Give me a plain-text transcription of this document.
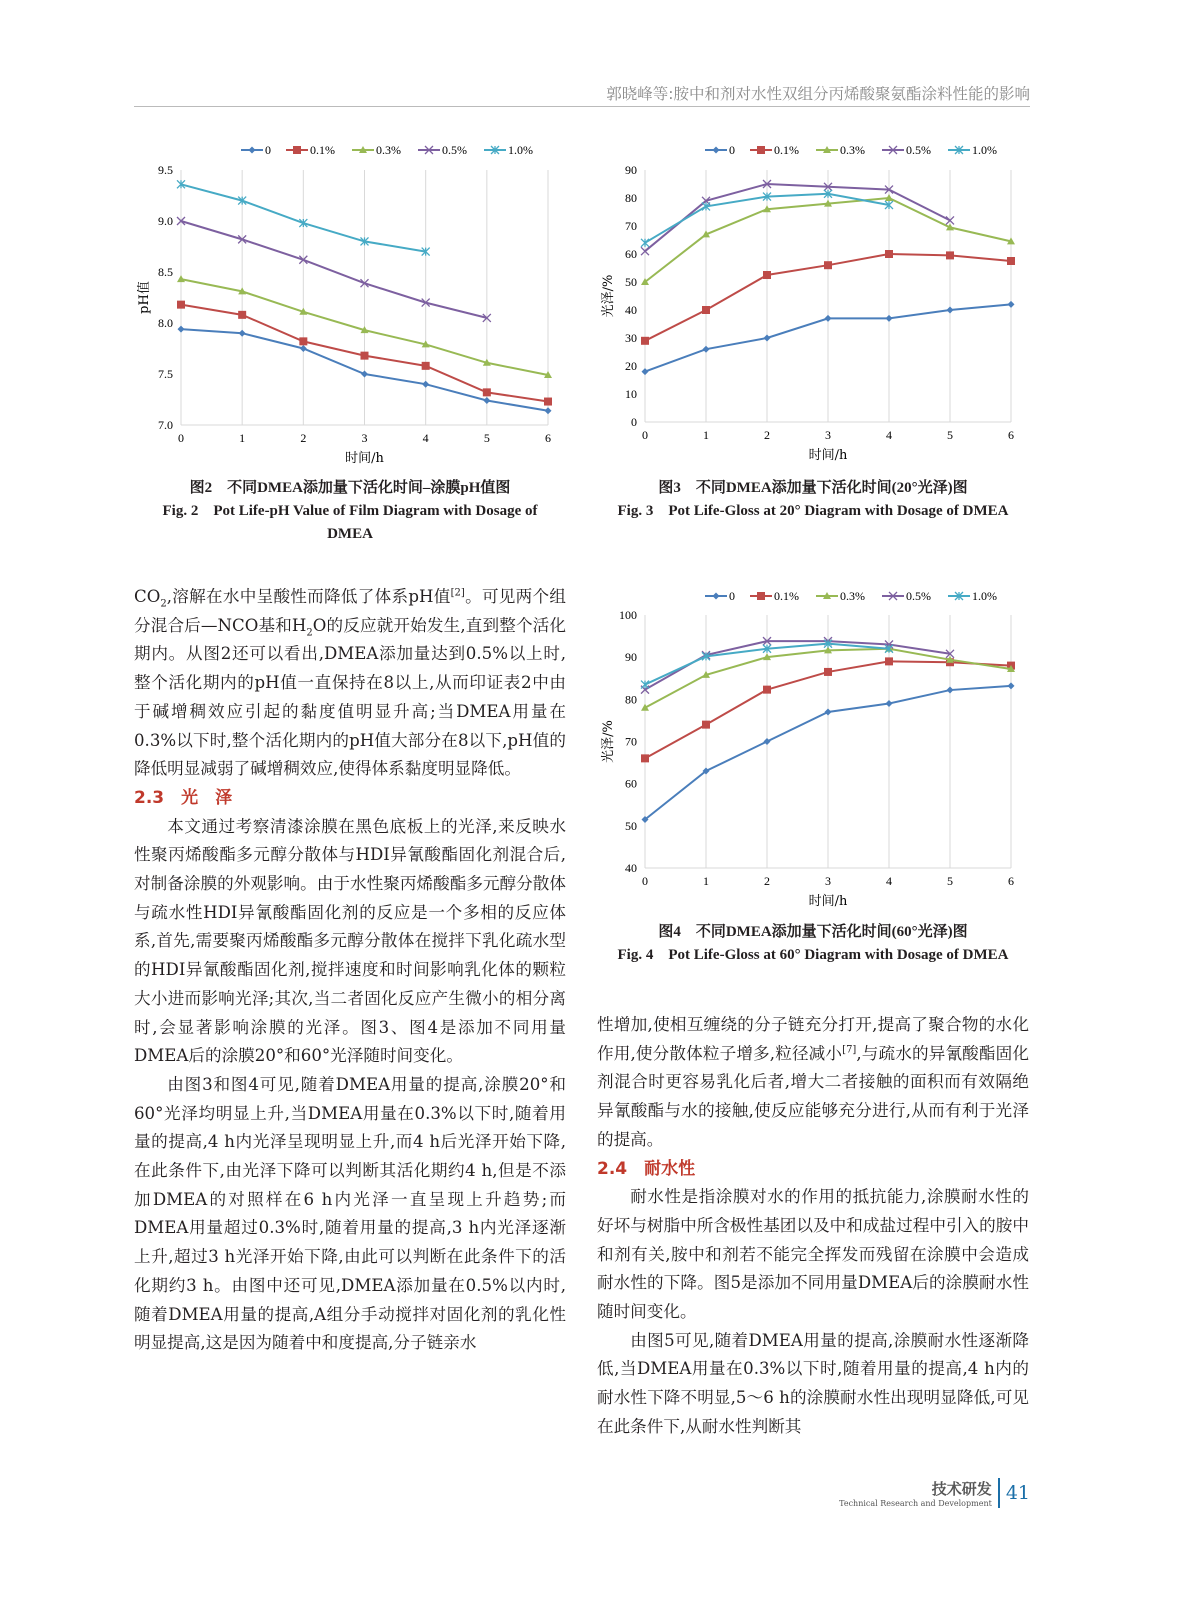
郭晓峰等:胺中和剂对水性双组分丙烯酸聚氨酯涂料性能的影响
0	1	2	3	4	5	6
7.0
7.5
8.0
8.5
9.0
9.5
时间/h
pH值
0	0.1%	0.3%	0.5%	1.0%
0	1	2	3	4	5	6
0
10
20
30
40
50
60
70
80
90
时间/h
光泽/%
0	0.1%	0.3%	0.5%	1.0%
0	1	2	3	4	5	6
40
50
60
70
80
90
100
时间/h
光泽/%
0	0.1%	0.3%	0.5%	1.0%
图2　不同DMEA添加量下活化时间–涂膜pH值图
Fig. 2　Pot Life-pH Value of Film Diagram with Dosage of DMEA
图3　不同DMEA添加量下活化时间(20°光泽)图
Fig. 3　Pot Life-Gloss at 20° Diagram with Dosage of DMEA
图4　不同DMEA添加量下活化时间(60°光泽)图
Fig. 4　Pot Life-Gloss at 60° Diagram with Dosage of DMEA

$CO_2$,溶解在水中呈酸性而降低了体系pH值[2]。可见两个组分混合后—NCO基和$H_2O$的反应就开始发生,直到整个活化期内。从图2还可以看出,DMEA添加量达到0.5%以上时,整个活化期内的pH值一直保持在8以上,从而印证表2中由于碱增稠效应引起的黏度值明显升高;当DMEA用量在0.3%以下时,整个活化期内的pH值大部分在8以下,pH值的降低明显减弱了碱增稠效应,使得体系黏度明显降低。

2.3　光　泽

本文通过考察清漆涂膜在黑色底板上的光泽,来反映水性聚丙烯酸酯多元醇分散体与HDI异氰酸酯固化剂混合后,对制备涂膜的外观影响。由于水性聚丙烯酸酯多元醇分散体与疏水性HDI异氰酸酯固化剂的反应是一个多相的反应体系,首先,需要聚丙烯酸酯多元醇分散体在搅拌下乳化疏水型的HDI异氰酸酯固化剂,搅拌速度和时间影响乳化体的颗粒大小进而影响光泽;其次,当二者固化反应产生微小的相分离时,会显著影响涂膜的光泽。图3、图4是添加不同用量DMEA后的涂膜20°和60°光泽随时间变化。

由图3和图4可见,随着DMEA用量的提高,涂膜20°和60°光泽均明显上升,当DMEA用量在0.3%以下时,随着用量的提高,4 h内光泽呈现明显上升,而4 h后光泽开始下降,在此条件下,由光泽下降可以判断其活化期约4 h,但是不添加DMEA的对照样在6 h内光泽一直呈现上升趋势;而DMEA用量超过0.3%时,随着用量的提高,3 h内光泽逐渐上升,超过3 h光泽开始下降,由此可以判断在此条件下的活化期约3 h。由图中还可见,DMEA添加量在0.5%以内时,随着DMEA用量的提高,A组分手动搅拌对固化剂的乳化性明显提高,这是因为随着中和度提高,分子链亲水

性增加,使相互缠绕的分子链充分打开,提高了聚合物的水化作用,使分散体粒子增多,粒径减小[7],与疏水的异氰酸酯固化剂混合时更容易乳化后者,增大二者接触的面积而有效隔绝异氰酸酯与水的接触,使反应能够充分进行,从而有利于光泽的提高。

2.4　耐水性

耐水性是指涂膜对水的作用的抵抗能力,涂膜耐水性的好坏与树脂中所含极性基团以及中和成盐过程中引入的胺中和剂有关,胺中和剂若不能完全挥发而残留在涂膜中会造成耐水性的下降。图5是添加不同用量DMEA后的涂膜耐水性随时间变化。

由图5可见,随着DMEA用量的提高,涂膜耐水性逐渐降低,当DMEA用量在0.3%以下时,随着用量的提高,4 h内的耐水性下降不明显,5～6 h的涂膜耐水性出现明显降低,可见在此条件下,从耐水性判断其

技术研发
Technical Research and Development 41
